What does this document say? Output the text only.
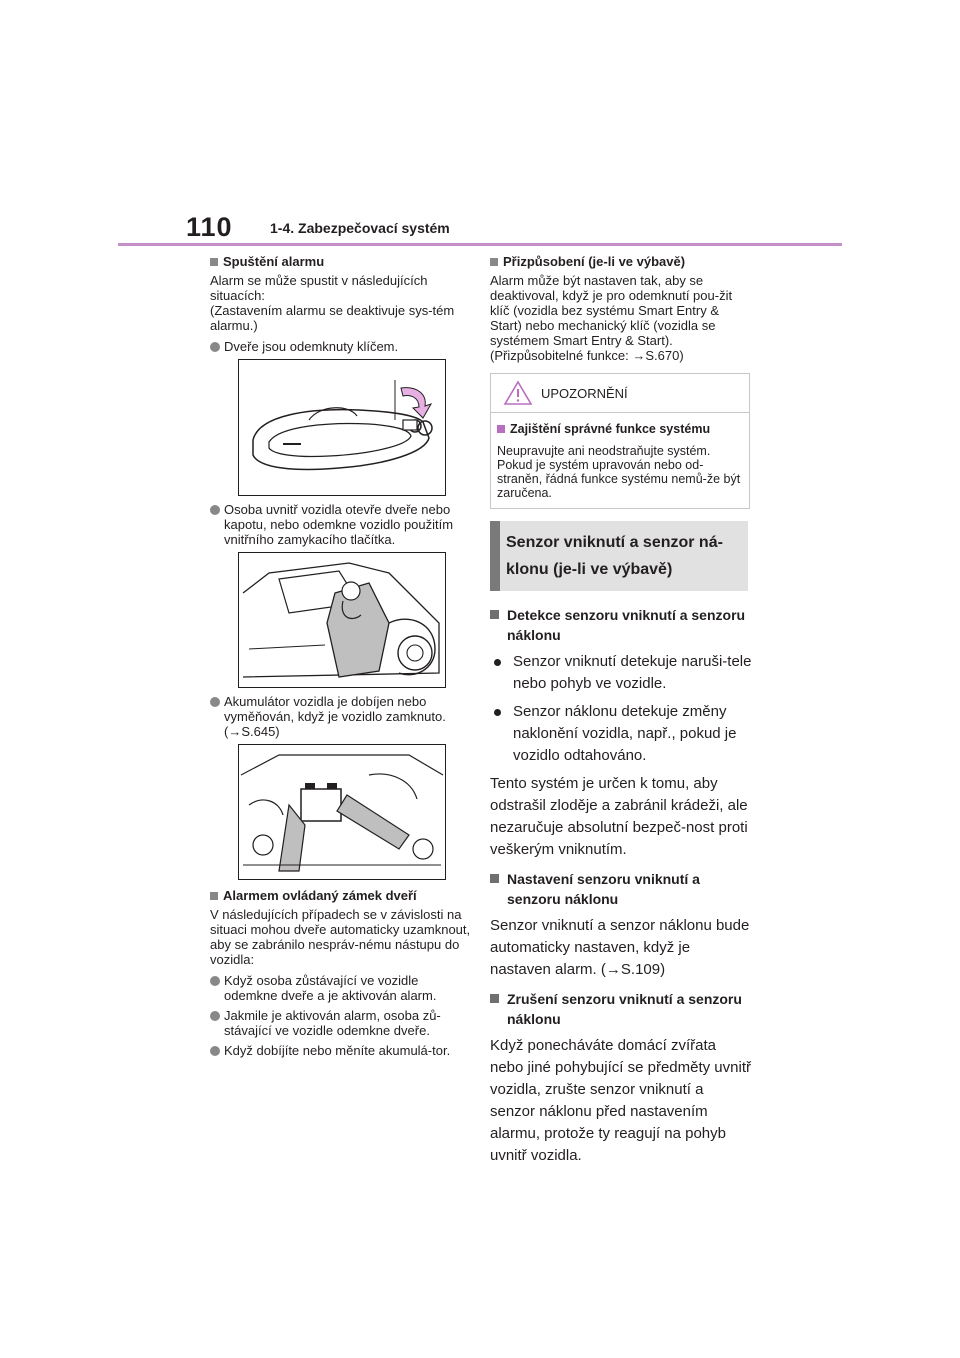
110	1-4. Zabezpečovací systém
Spuštění alarmu
Alarm se může spustit v následujících situacích:
(Zastavením alarmu se deaktivuje sys-tém alarmu.)
Dveře jsou odemknuty klíčem.
Osoba uvnitř vozidla otevře dveře nebo kapotu, nebo odemkne vozidlo použitím vnitřního zamykacího tlačítka.
Akumulátor vozidla je dobíjen nebo vyměňován, když je vozidlo zamknuto.
(→S.645)
Alarmem ovládaný zámek dveří
V následujících případech se v závislosti na situaci mohou dveře automaticky uzamknout, aby se zabránilo nespráv-nému nástupu do vozidla:
Když osoba zůstávající ve vozidle odemkne dveře a je aktivován alarm.
Jakmile je aktivován alarm, osoba zů-stávající ve vozidle odemkne dveře.
Když dobíjíte nebo měníte akumulá-tor.
Přizpůsobení (je-li ve výbavě)
Alarm může být nastaven tak, aby se deaktivoval, když je pro odemknutí pou-žit klíč (vozidla bez systému Smart Entry & Start) nebo mechanický klíč (vozidla se systémem Smart Entry & Start).
(Přizpůsobitelné funkce: →S.670)
UPOZORNĚNÍ
Zajištění správné funkce systému
Neupravujte ani neodstraňujte systém. Pokud je systém upravován nebo od-straněn, řádná funkce systému nemů-že být zaručena.
Senzor vniknutí a senzor ná-klonu (je-li ve výbavě)
Detekce senzoru vniknutí a senzoru náklonu
Senzor vniknutí detekuje naruši-tele nebo pohyb ve vozidle.
Senzor náklonu detekuje změny naklonění vozidla, např., pokud je vozidlo odtahováno.
Tento systém je určen k tomu, aby odstrašil zloděje a zabránil krádeži, ale nezaručuje absolutní bezpeč-nost proti veškerým vniknutím.
Nastavení senzoru vniknutí a senzoru náklonu
Senzor vniknutí a senzor náklonu bude automaticky nastaven, když je nastaven alarm. (→S.109)
Zrušení senzoru vniknutí a senzoru náklonu
Když ponecháváte domácí zvířata nebo jiné pohybující se předměty uvnitř vozidla, zrušte senzor vniknutí a senzor náklonu před nastavením alarmu, protože ty reagují na pohyb uvnitř vozidla.
